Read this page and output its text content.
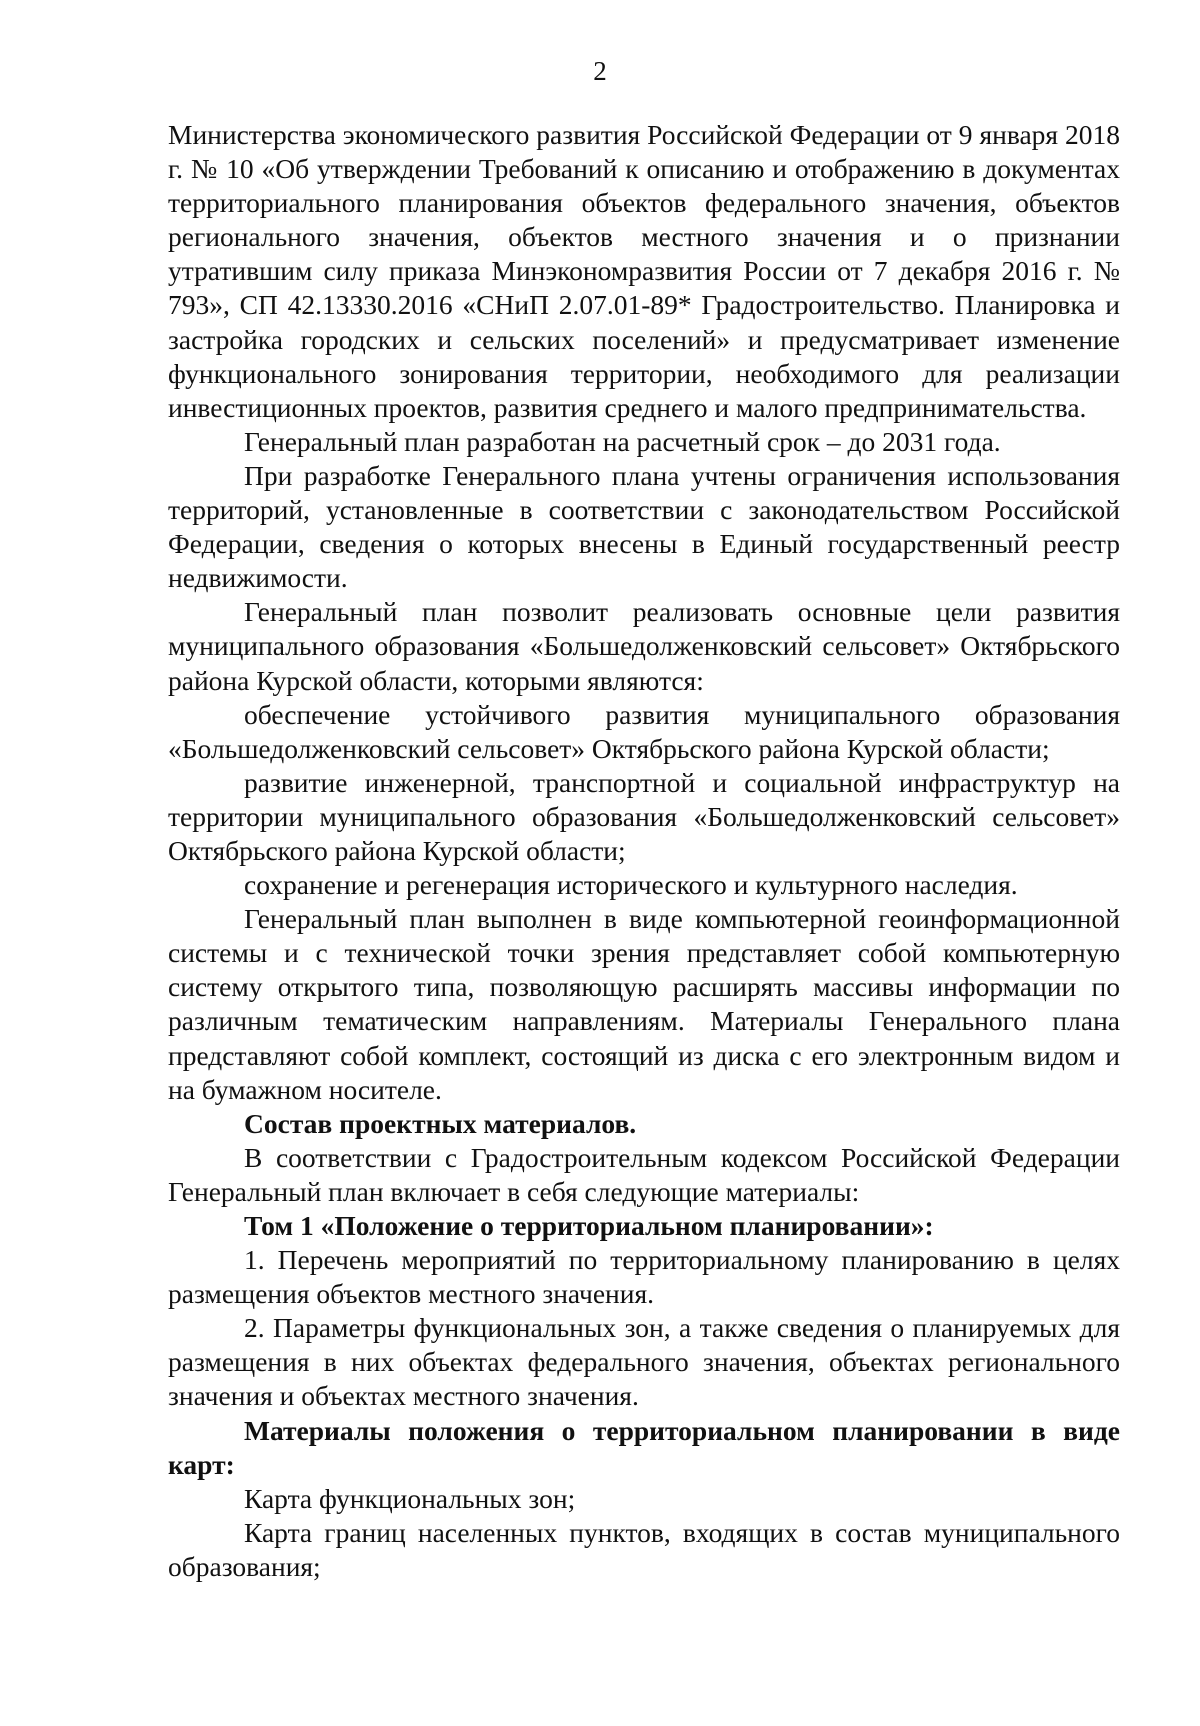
2

Министерства экономического развития Российской Федерации от 9 января 2018 г. № 10 «Об утверждении Требований к описанию и отображению в документах территориального планирования объектов федерального значения, объектов регионального значения, объектов местного значения и о признании утратившим силу приказа Минэкономразвития России от 7 декабря 2016 г. № 793», СП 42.13330.2016 «СНиП 2.07.01-89* Градостроительство. Планировка и застройка городских и сельских поселений» и предусматривает изменение функционального зонирования территории, необходимого для реализации инвестиционных проектов, развития среднего и малого предпринимательства.

Генеральный план разработан на расчетный срок – до 2031 года.

При разработке Генерального плана учтены ограничения использования территорий, установленные в соответствии с законодательством Российской Федерации, сведения о которых внесены в Единый государственный реестр недвижимости.

Генеральный план позволит реализовать основные цели развития муниципального образования «Большедолженковский сельсовет» Октябрьского района Курской области, которыми являются:

обеспечение устойчивого развития муниципального образования «Большедолженковский сельсовет» Октябрьского района Курской области;

развитие инженерной, транспортной и социальной инфраструктур на территории муниципального образования «Большедолженковский сельсовет» Октябрьского района Курской области;

сохранение и регенерация исторического и культурного наследия.

Генеральный план выполнен в виде компьютерной геоинформационной системы и с технической точки зрения представляет собой компьютерную систему открытого типа, позволяющую расширять массивы информации по различным тематическим направлениям. Материалы Генерального плана представляют собой комплект, состоящий из диска с его электронным видом и на бумажном носителе.

Состав проектных материалов.

В соответствии с Градостроительным кодексом Российской Федерации Генеральный план включает в себя следующие материалы:

Том 1 «Положение о территориальном планировании»:

1. Перечень мероприятий по территориальному планированию в целях размещения объектов местного значения.

2. Параметры функциональных зон, а также сведения о планируемых для размещения в них объектах федерального значения, объектах регионального значения и объектах местного значения.

Материалы положения о территориальном планировании в виде карт:

Карта функциональных зон;

Карта границ населенных пунктов, входящих в состав муниципального образования;
